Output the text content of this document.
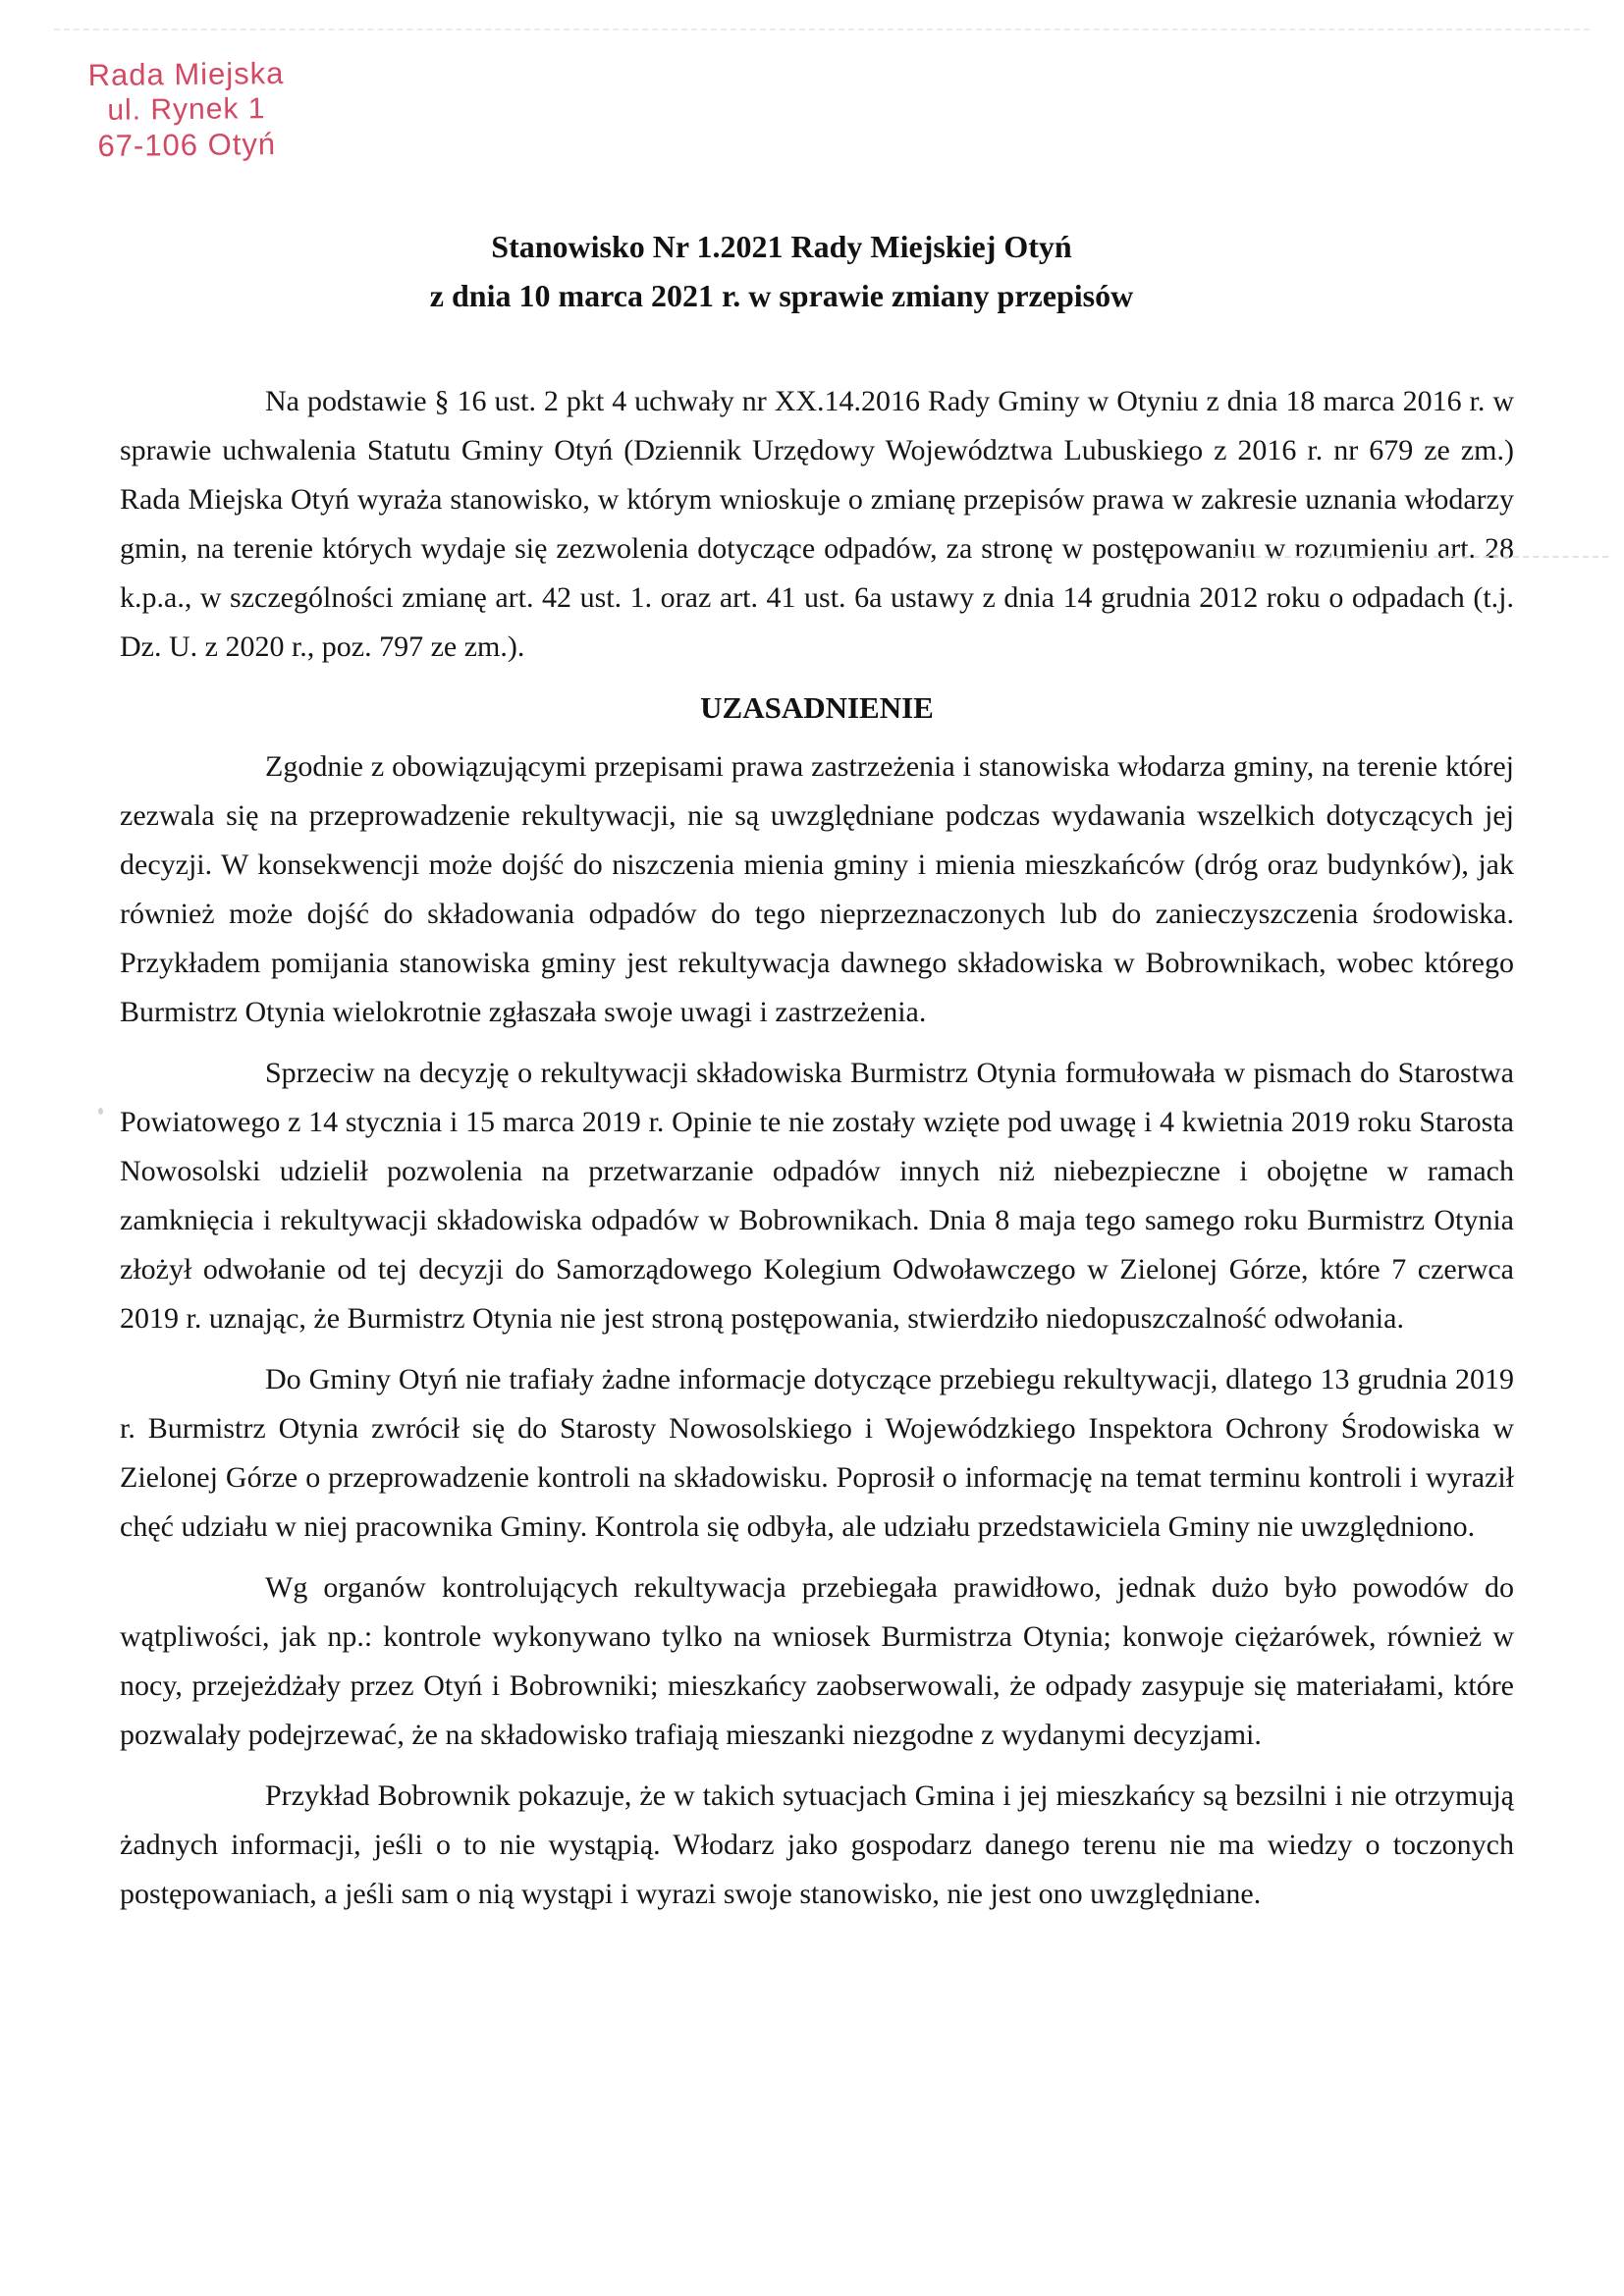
Rada Miejska
ul. Rynek 1
67-106 Otyń
Stanowisko Nr 1.2021 Rady Miejskiej Otyń
z dnia 10 marca 2021 r. w sprawie zmiany przepisów

Na podstawie § 16 ust. 2 pkt 4 uchwały nr XX.14.2016 Rady Gminy w Otyniu z dnia 18 marca 2016 r. w sprawie uchwalenia Statutu Gminy Otyń (Dziennik Urzędowy Województwa Lubuskiego z 2016 r. nr 679 ze zm.) Rada Miejska Otyń wyraża stanowisko, w którym wnioskuje o zmianę przepisów prawa w zakresie uznania włodarzy gmin, na terenie których wydaje się zezwolenia dotyczące odpadów, za stronę w postępowaniu w rozumieniu art. 28 k.p.a., w szczególności zmianę art. 42 ust. 1. oraz art. 41 ust. 6a ustawy z dnia 14 grudnia 2012 roku o odpadach (t.j. Dz. U. z 2020 r., poz. 797 ze zm.).

UZASADNIENIE

Zgodnie z obowiązującymi przepisami prawa zastrzeżenia i stanowiska włodarza gminy, na terenie której zezwala się na przeprowadzenie rekultywacji, nie są uwzględniane podczas wydawania wszelkich dotyczących jej decyzji. W konsekwencji może dojść do niszczenia mienia gminy i mienia mieszkańców (dróg oraz budynków), jak również może dojść do składowania odpadów do tego nieprzeznaczonych lub do zanieczyszczenia środowiska. Przykładem pomijania stanowiska gminy jest rekultywacja dawnego składowiska w Bobrownikach, wobec którego Burmistrz Otynia wielokrotnie zgłaszała swoje uwagi i zastrzeżenia.

Sprzeciw na decyzję o rekultywacji składowiska Burmistrz Otynia formułowała w pismach do Starostwa Powiatowego z 14 stycznia i 15 marca 2019 r. Opinie te nie zostały wzięte pod uwagę i 4 kwietnia 2019 roku Starosta Nowosolski udzielił pozwolenia na przetwarzanie odpadów innych niż niebezpieczne i obojętne w ramach zamknięcia i rekultywacji składowiska odpadów w Bobrownikach. Dnia 8 maja tego samego roku Burmistrz Otynia złożył odwołanie od tej decyzji do Samorządowego Kolegium Odwoławczego w Zielonej Górze, które 7 czerwca 2019 r. uznając, że Burmistrz Otynia nie jest stroną postępowania, stwierdziło niedopuszczalność odwołania.

Do Gminy Otyń nie trafiały żadne informacje dotyczące przebiegu rekultywacji, dlatego 13 grudnia 2019 r. Burmistrz Otynia zwrócił się do Starosty Nowosolskiego i Wojewódzkiego Inspektora Ochrony Środowiska w Zielonej Górze o przeprowadzenie kontroli na składowisku. Poprosił o informację na temat terminu kontroli i wyraził chęć udziału w niej pracownika Gminy. Kontrola się odbyła, ale udziału przedstawiciela Gminy nie uwzględniono.

Wg organów kontrolujących rekultywacja przebiegała prawidłowo, jednak dużo było powodów do wątpliwości, jak np.: kontrole wykonywano tylko na wniosek Burmistrza Otynia; konwoje ciężarówek, również w nocy, przejeżdżały przez Otyń i Bobrowniki; mieszkańcy zaobserwowali, że odpady zasypuje się materiałami, które pozwalały podejrzewać, że na składowisko trafiają mieszanki niezgodne z wydanymi decyzjami.

Przykład Bobrownik pokazuje, że w takich sytuacjach Gmina i jej mieszkańcy są bezsilni i nie otrzymują żadnych informacji, jeśli o to nie wystąpią. Włodarz jako gospodarz danego terenu nie ma wiedzy o toczonych postępowaniach, a jeśli sam o nią wystąpi i wyrazi swoje stanowisko, nie jest ono uwzględniane.
